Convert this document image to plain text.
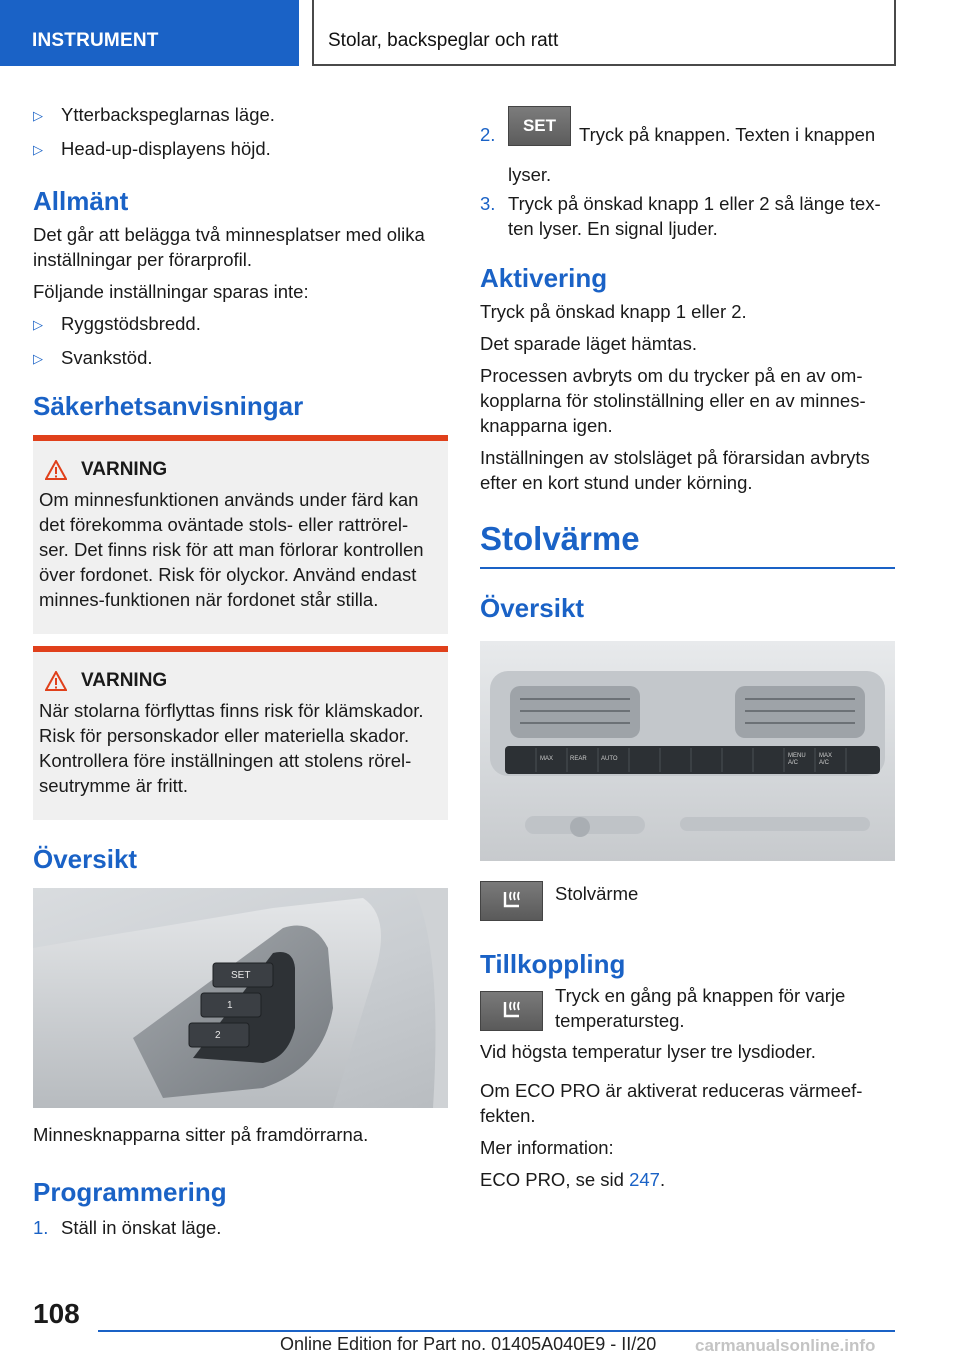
INSTRUMENT	Stolar, backspeglar och ratt
▷ Ytterbackspeglarnas läge.
▷ Head-up-displayens höjd.
Allmänt

Det går att belägga två minnesplatser med olika inställningar per förarprofil.

Följande inställningar sparas inte:

▷ Ryggstödsbredd.
▷ Svankstöd.
Säkerhetsanvisningar
VARNING
Om minnesfunktionen används under färd kan det förekomma oväntade stols- eller rattrörel-ser. Det finns risk för att man förlorar kontrollen över fordonet. Risk för olyckor. Använd endast minnes-funktionen när fordonet står stilla.
VARNING
När stolarna förflyttas finns risk för klämskador. Risk för personskador eller materiella skador. Kontrollera före inställningen att stolens rörel-seutrymme är fritt.
Översikt
SET
1
2

Minnesknapparna sitter på framdörrarna.

Programmering
1. Ställ in önskat läge.
2.	SET Tryck på knappen. Texten i knappen lyser.
3. Tryck på önskad knapp 1 eller 2 så länge tex-ten lyser. En signal ljuder.
Aktivering

Tryck på önskad knapp 1 eller 2.

Det sparade läget hämtas.

Processen avbryts om du trycker på en av om-kopplarna för stolinställning eller en av minnes-knapparna igen.

Inställningen av stolsläget på förarsidan avbryts efter en kort stund under körning.

Stolvärme
Översikt
MAX	REAR AUTO	MENU A/C
MAX A/C
Stolvärme
Tillkoppling
Tryck en gång på knappen för varje temperatursteg.

Vid högsta temperatur lyser tre lysdioder.

Om ECO PRO är aktiverat reduceras värmeef-fekten.

Mer information:

ECO PRO, se sid 247.

108
Online Edition for Part no. 01405A040E9 - II/20 carmanualsonline.info
